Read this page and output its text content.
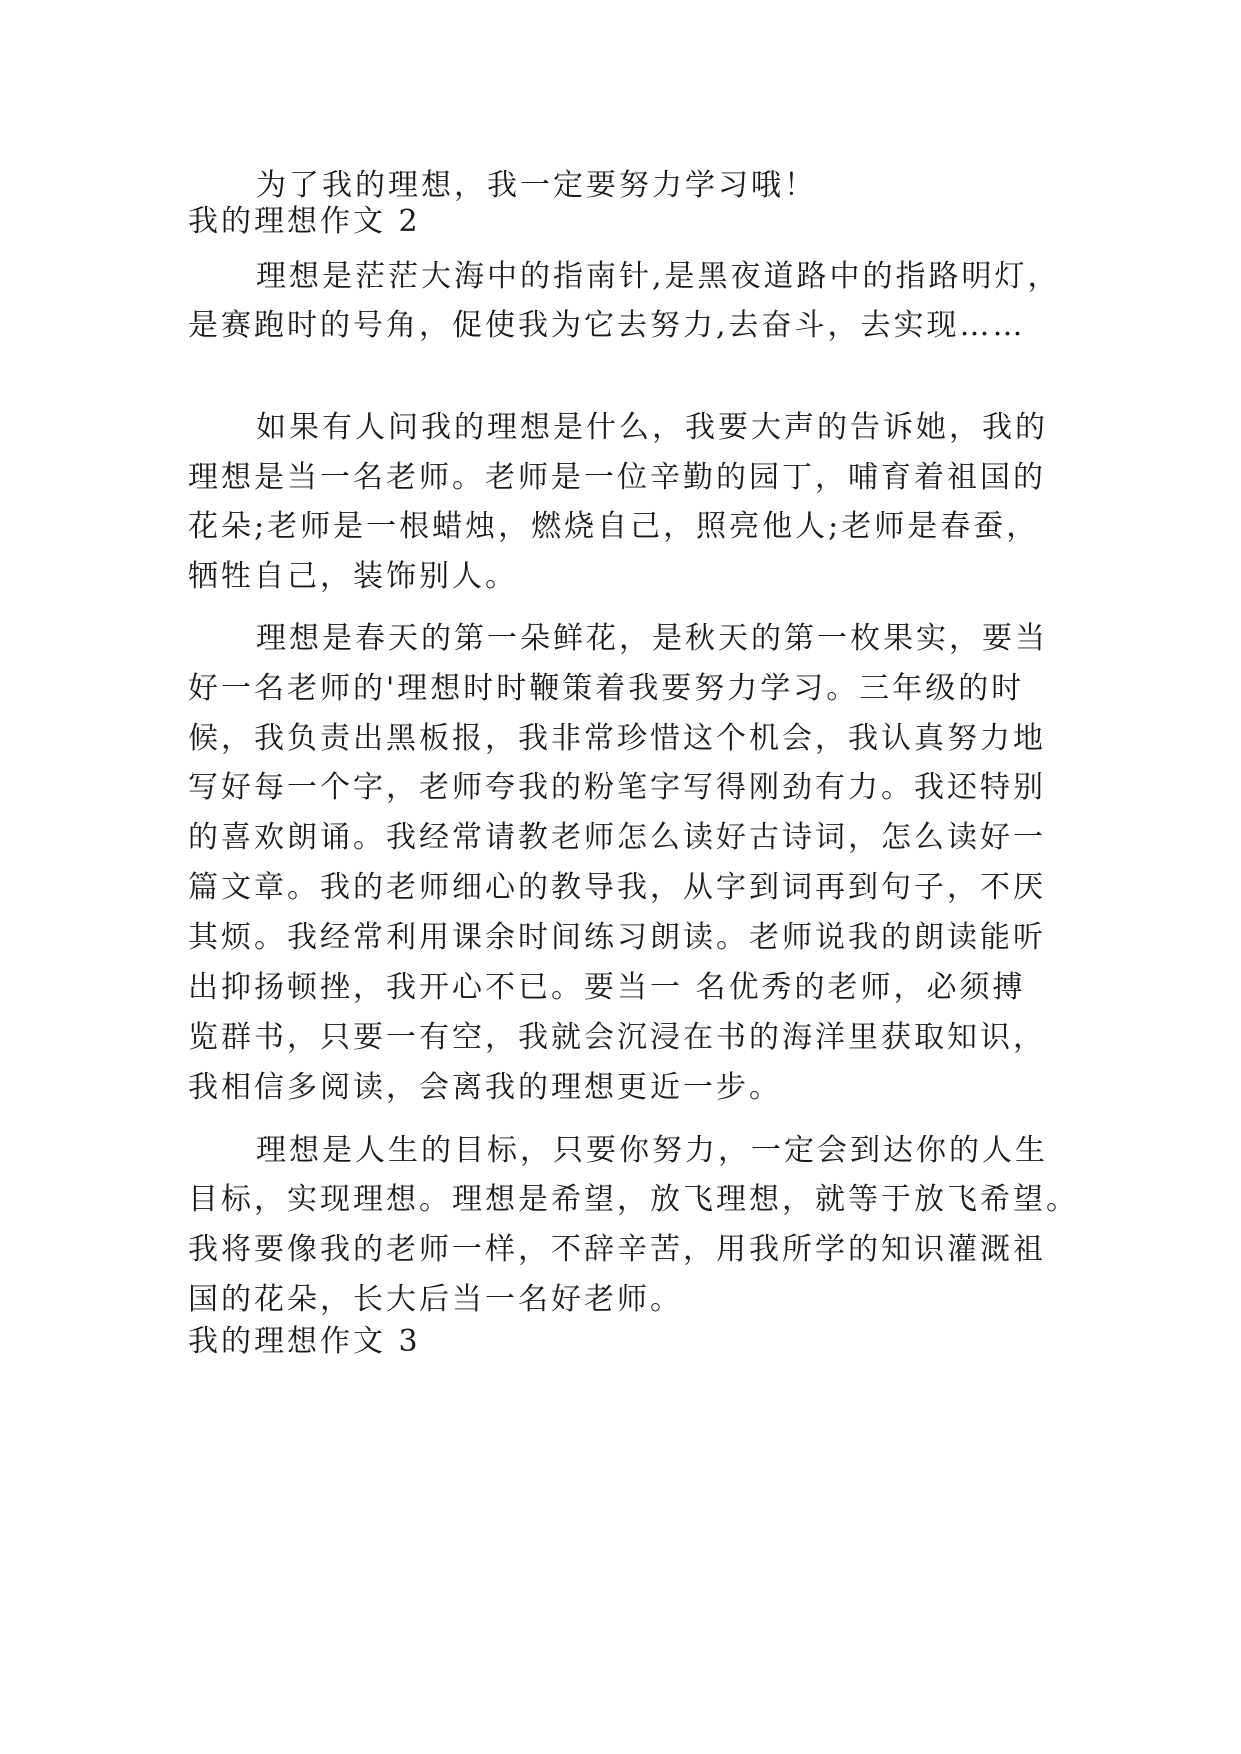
为了我的理想，我一定要努力学习哦！
我的理想作文 2
理想是茫茫大海中的指南针,是黑夜道路中的指路明灯，
是赛跑时的号角，促使我为它去努力,去奋斗，去实现……
如果有人问我的理想是什么，我要大声的告诉她，我的
理想是当一名老师。老师是一位辛勤的园丁，哺育着祖国的
花朵;老师是一根蜡烛，燃烧自己，照亮他人;老师是春蚕，
牺牲自己，装饰别人。
理想是春天的第一朵鲜花，是秋天的第一枚果实，要当
好一名老师的'理想时时鞭策着我要努力学习。三年级的时
候，我负责出黑板报，我非常珍惜这个机会，我认真努力地
写好每一个字，老师夸我的粉笔字写得刚劲有力。我还特别
的喜欢朗诵。我经常请教老师怎么读好古诗词，怎么读好一
篇文章。我的老师细心的教导我，从字到词再到句子，不厌
其烦。我经常利用课余时间练习朗读。老师说我的朗读能听
出抑扬顿挫，我开心不已。要当一 名优秀的老师，必须搏
览群书，只要一有空，我就会沉浸在书的海洋里获取知识，
我相信多阅读，会离我的理想更近一步。
理想是人生的目标，只要你努力，一定会到达你的人生
目标，实现理想。理想是希望，放飞理想，就等于放飞希望。
我将要像我的老师一样，不辞辛苦，用我所学的知识灌溉祖
国的花朵，长大后当一名好老师。
我的理想作文 3
